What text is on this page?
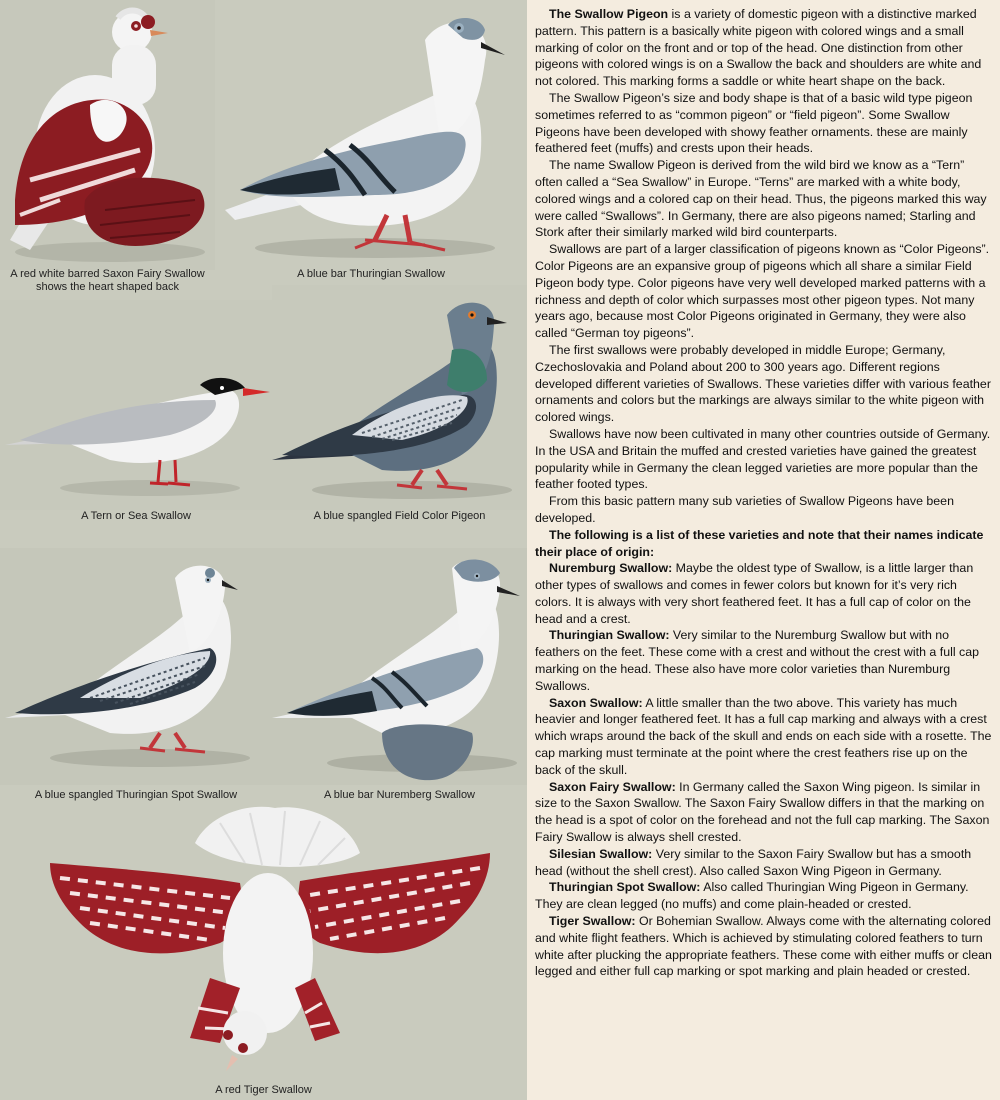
A red white barred Saxon Fairy Swallow
shows the heart shaped back
A blue bar Thuringian Swallow
A Tern or Sea Swallow	A blue spangled Field Color Pigeon
A blue spangled Thuringian Spot Swallow	A blue bar Nuremberg Swallow
A red Tiger Swallow

The Swallow Pigeon is a variety of domestic pigeon with a distinctive marked pattern. This pattern is a basically white pigeon with colored wings and a small marking of color on the front and or top of the head. One distinction from other pigeons with colored wings is on a Swallow the back and shoulders are white and not colored. This marking forms a saddle or white heart shape on the back.

The Swallow Pigeon’s size and body shape is that of a basic wild type pigeon sometimes referred to as “common pigeon” or “field pigeon”. Some Swallow Pigeons have been developed with showy feather ornaments. these are mainly feathered feet (muffs) and crests upon their heads.

The name Swallow Pigeon is derived from the wild bird we know as a “Tern” often called a “Sea Swallow” in Europe. “Terns” are marked with a white body, colored wings and a colored cap on their head. Thus, the pigeons marked this way were called “Swallows”. In Germany, there are also pigeons named; Starling and Stork after their similarly marked wild bird counterparts.

Swallows are part of a larger classification of pigeons known as “Color Pigeons”. Color Pigeons are an expansive group of pigeons which all share a similar Field Pigeon body type. Color pigeons have very well developed marked patterns with a richness and depth of color which surpasses most other pigeon types. Not many years ago, because most Color Pigeons originated in Germany, they were also called “German toy pigeons”.

The first swallows were probably developed in middle Europe; Germany, Czechoslovakia and Poland about 200 to 300 years ago. Different regions developed different varieties of Swallows. These varieties differ with various feather ornaments and colors but the markings are always similar to the white pigeon with colored wings.

Swallows have now been cultivated in many other countries outside of Germany. In the USA and Britain the muffed and crested varieties have gained the greatest popularity while in Germany the clean legged varieties are more popular than the feather footed types.

From this basic pattern many sub varieties of Swallow Pigeons have been developed.

The following is a list of these varieties and note that their names indicate their place of origin:

Nuremburg Swallow: Maybe the oldest type of Swallow, is a little larger than other types of swallows and comes in fewer colors but known for it’s very rich colors. It is always with very short feathered feet. It has a full cap of color on the head and a crest.

Thuringian Swallow: Very similar to the Nuremburg Swallow but with no feathers on the feet. These come with a crest and without the crest with a full cap marking on the head. These also have more color varieties than Nuremburg Swallows.

Saxon Swallow: A little smaller than the two above. This variety has much heavier and longer feathered feet. It has a full cap marking and always with a crest which wraps around the back of the skull and ends on each side with a rosette. The cap marking must terminate at the point where the crest feathers rise up on the back of the skull.

Saxon Fairy Swallow: In Germany called the Saxon Wing pigeon. Is similar in size to the Saxon Swallow. The Saxon Fairy Swallow differs in that the marking on the head is a spot of color on the forehead and not the full cap marking. The Saxon Fairy Swallow is always shell crested.

Silesian Swallow: Very similar to the Saxon Fairy Swallow but has a smooth head (without the shell crest). Also called Saxon Wing Pigeon in Germany.

Thuringian Spot Swallow: Also called Thuringian Wing Pigeon in Germany. They are clean legged (no muffs) and come plain-headed or crested.

Tiger Swallow: Or Bohemian Swallow. Always come with the alternating colored and white flight feathers. Which is achieved by stimulating colored feathers to turn white after plucking the appropriate feathers. These come with either muffs or clean legged and either full cap marking or spot marking and plain headed or crested.
